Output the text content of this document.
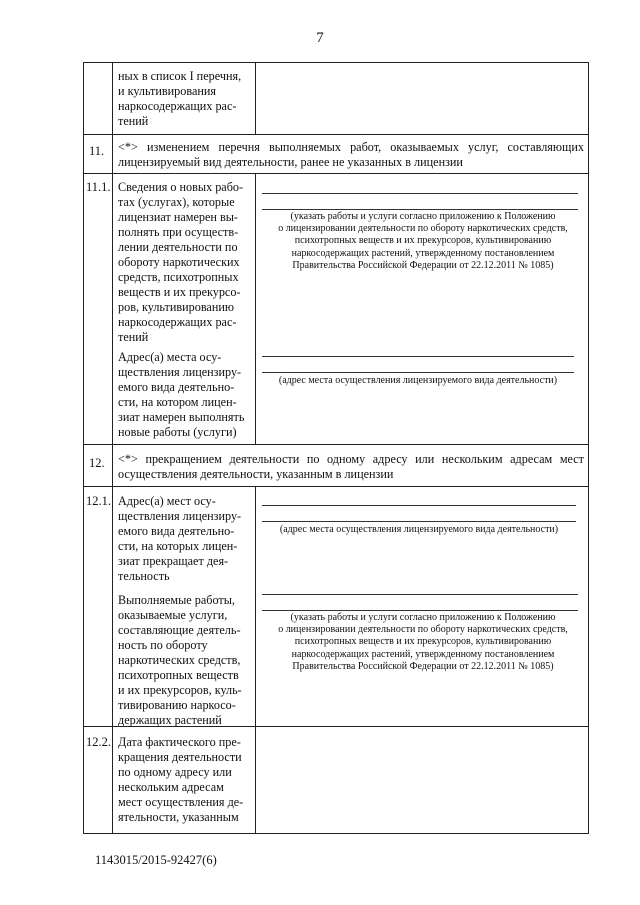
7
ных в список I перечня,
и культивирования
наркосодержащих рас-
тений
11. <*> изменением перечня выполняемых работ, оказываемых услуг, составляющих лицензируемый вид деятельности, ранее не указанных в лицензии
11.1. Сведения о новых рабо-
тах (услугах), которые
лицензиат намерен вы-
полнять при осуществ-
лении деятельности по
обороту наркотических
средств, психотропных
веществ и их прекурсо-
ров, культивированию
наркосодержащих рас-
тений
(указать работы и услуги согласно приложению к Положению
о лицензировании деятельности по обороту наркотических средств,
психотропных веществ и их прекурсоров, культивированию
наркосодержащих растений, утвержденному постановлением
Правительства Российской Федерации от 22.12.2011 № 1085)
Адрес(а) места осу-
ществления лицензиру-
емого вида деятельно-
сти, на котором лицен-
зиат намерен выполнять
новые работы (услуги)
(адрес места осуществления лицензируемого вида деятельности)
12. <*> прекращением деятельности по одному адресу или нескольким адресам мест осуществления деятельности, указанным в лицензии
12.1. Адрес(а) мест осу-
ществления лицензиру-
емого вида деятельно-
сти, на которых лицен-
зиат прекращает дея-
тельность
(адрес места осуществления лицензируемого вида деятельности)
Выполняемые работы,
оказываемые услуги,
составляющие деятель-
ность по обороту
наркотических средств,
психотропных веществ
и их прекурсоров, куль-
тивированию наркосо-
держащих растений
(указать работы и услуги согласно приложению к Положению
о лицензировании деятельности по обороту наркотических средств,
психотропных веществ и их прекурсоров, культивированию
наркосодержащих растений, утвержденному постановлением
Правительства Российской Федерации от 22.12.2011 № 1085)
12.2. Дата фактического пре-
кращения деятельности
по одному адресу или
нескольким адресам
мест осуществления де-
ятельности, указанным
1143015/2015-92427(6)
